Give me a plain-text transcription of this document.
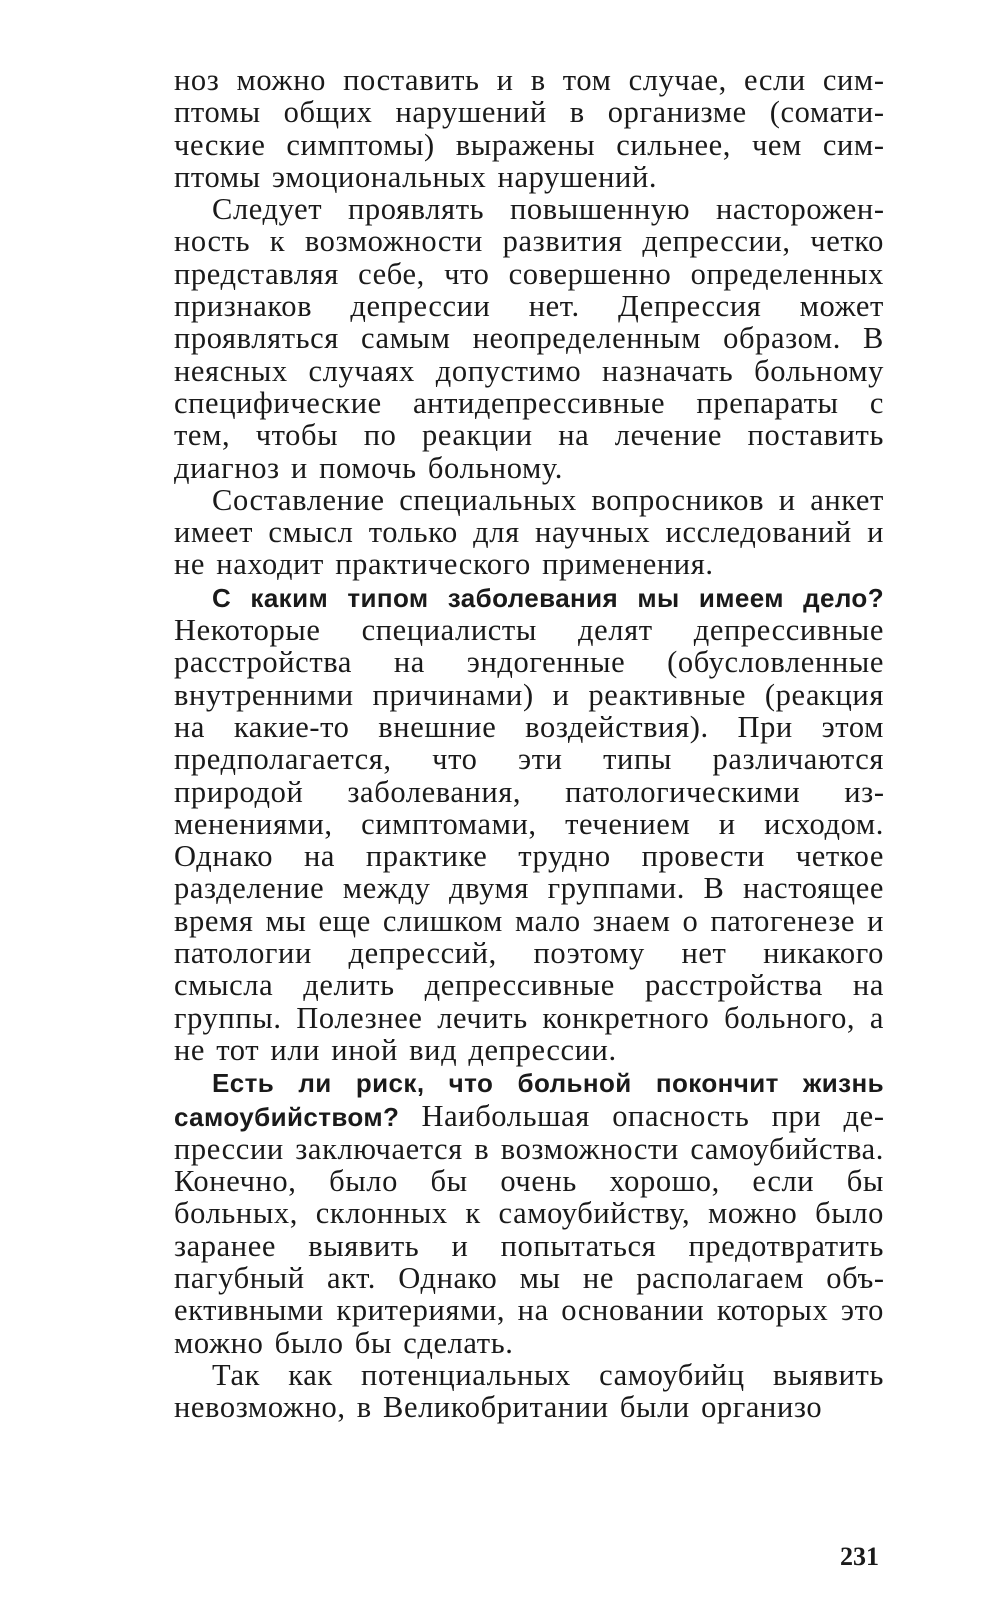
ноз можно поставить и в том случае, если симптомы общих нарушений в организме (соматические симптомы) выражены сильнее, чем симптомы эмоциональных нарушений.

Следует проявлять повышенную настороженность к возможности развития депрессии, четко представляя себе, что совершенно определенных признаков депрессии нет. Депрессия может проявляться самым неопределенным образом. В неясных случаях допустимо назначать больному специфические антидепрессивные препараты с тем, чтобы по реакции на лечение поставить диагноз и помочь больному.

Составление специальных вопросников и анкет имеет смысл только для научных исследований и не находит практического применения.

С каким типом заболевания мы имеем дело? Некоторые специалисты делят депрессивные расстройства на эндогенные (обусловленные внутренними причинами) и реактивные (реакция на какие-то внешние воздействия). При этом предполагается, что эти типы различаются природой заболевания, патологическими изменениями, симптомами, течением и исходом. Однако на практике трудно провести четкое разделение между двумя группами. В настоящее время мы еще слишком мало знаем о патогенезе и патологии депрессий, поэтому нет никакого смысла делить депрессивные расстройства на группы. Полезнее лечить конкретного больного, а не тот или иной вид депрессии.

Есть ли риск, что больной покончит жизнь самоубийством? Наибольшая опасность при депрессии заключается в возможности самоубийства. Конечно, было бы очень хорошо, если бы больных, склонных к самоубийству, можно было заранее выявить и попытаться предотвратить пагубный акт. Однако мы не располагаем объективными критериями, на основании которых это можно было бы сделать.

Так как потенциальных самоубийц выявить невозможно, в Великобритании были организо

231
